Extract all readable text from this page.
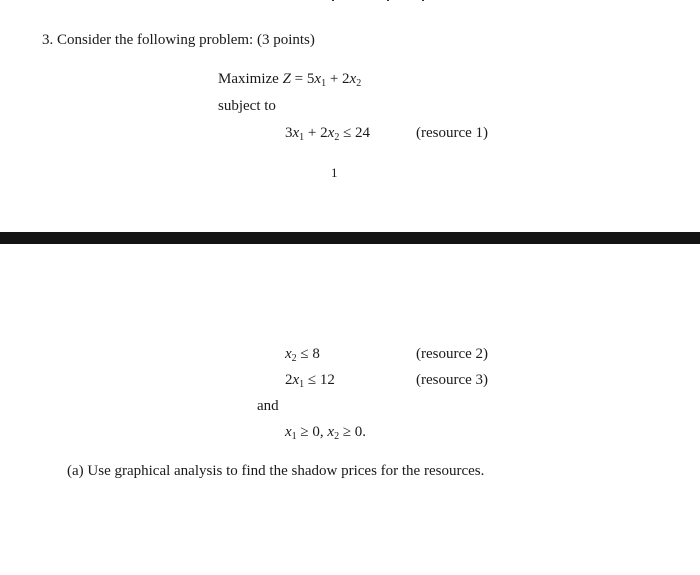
3. Consider the following problem: (3 points)
Maximize $Z = 5x_1 + 2x_2$
subject to
$3x_1 + 2x_2 \le 24$	(resource 1)
1
$x_2 \le 8$	(resource 2)
$2x_1 \le 12$	(resource 3)
and
$x_1 \ge 0$, $x_2 \ge 0$.
(a) Use graphical analysis to find the shadow prices for the resources.
